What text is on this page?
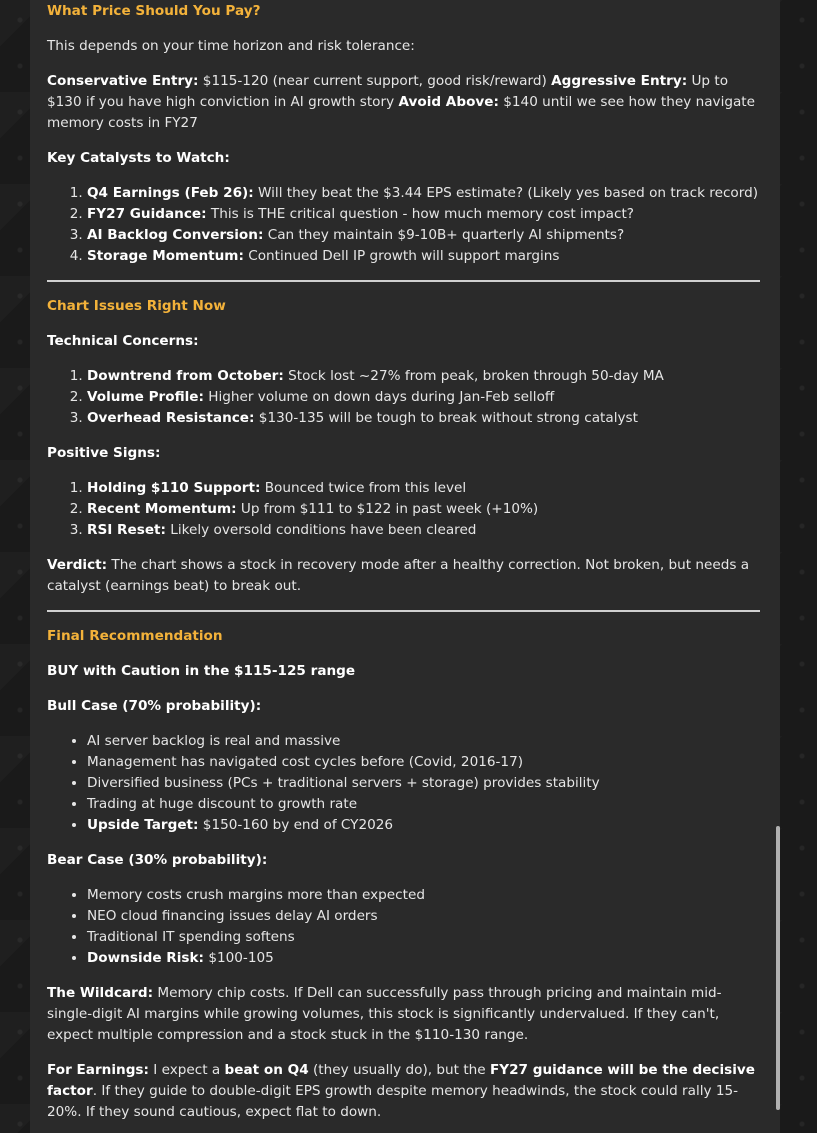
What Price Should You Pay?

This depends on your time horizon and risk tolerance:

Conservative Entry: $115-120 (near current support, good risk/reward) Aggressive Entry: Up to $130 if you have high conviction in AI growth story Avoid Above: $140 until we see how they navigate memory costs in FY27

Key Catalysts to Watch:

1. Q4 Earnings (Feb 26): Will they beat the $3.44 EPS estimate? (Likely yes based on track record)
2. FY27 Guidance: This is THE critical question - how much memory cost impact?
3. AI Backlog Conversion: Can they maintain $9-10B+ quarterly AI shipments?
4. Storage Momentum: Continued Dell IP growth will support margins
Chart Issues Right Now

Technical Concerns:

1. Downtrend from October: Stock lost ~27% from peak, broken through 50-day MA
2. Volume Profile: Higher volume on down days during Jan-Feb selloff
3. Overhead Resistance: $130-135 will be tough to break without strong catalyst

Positive Signs:

1. Holding $110 Support: Bounced twice from this level
2. Recent Momentum: Up from $111 to $122 in past week (+10%)
3. RSI Reset: Likely oversold conditions have been cleared

Verdict: The chart shows a stock in recovery mode after a healthy correction. Not broken, but needs a catalyst (earnings beat) to break out.

Final Recommendation

BUY with Caution in the $115-125 range

Bull Case (70% probability):

• AI server backlog is real and massive
• Management has navigated cost cycles before (Covid, 2016-17)
• Diversified business (PCs + traditional servers + storage) provides stability
• Trading at huge discount to growth rate
• Upside Target: $150-160 by end of CY2026

Bear Case (30% probability):

• Memory costs crush margins more than expected
• NEO cloud financing issues delay AI orders
• Traditional IT spending softens
• Downside Risk: $100-105

The Wildcard: Memory chip costs. If Dell can successfully pass through pricing and maintain mid-single-digit AI margins while growing volumes, this stock is significantly undervalued. If they can't, expect multiple compression and a stock stuck in the $110-130 range.

For Earnings: I expect a beat on Q4 (they usually do), but the FY27 guidance will be the decisive factor. If they guide to double-digit EPS growth despite memory headwinds, the stock could rally 15-20%. If they sound cautious, expect flat to down.
